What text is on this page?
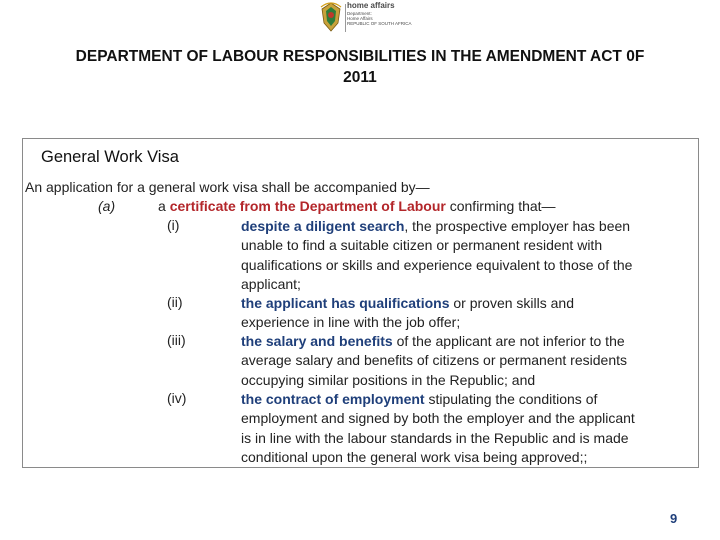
home affairs
Department:
Home Affairs
REPUBLIC OF SOUTH AFRICA
DEPARTMENT OF LABOUR RESPONSIBILITIES IN THE AMENDMENT ACT 0F
2011
General Work Visa
An application for a general work visa shall be accompanied by—
(a)	a certificate from the Department of Labour confirming that—
(i)	despite a diligent search, the prospective employer has been
unable to find a suitable citizen or permanent resident with
qualifications or skills and experience equivalent to those of the
applicant;
(ii)	the applicant has qualifications or proven skills and
experience in line with the job offer;
(iii)	the salary and benefits of the applicant are not inferior to the
average salary and benefits of citizens or permanent residents
occupying similar positions in the Republic; and
(iv)	the contract of employment stipulating the conditions of
employment and signed by both the employer and the applicant
is in line with the labour standards in the Republic and is made
conditional upon the general work visa being approved;;
9
